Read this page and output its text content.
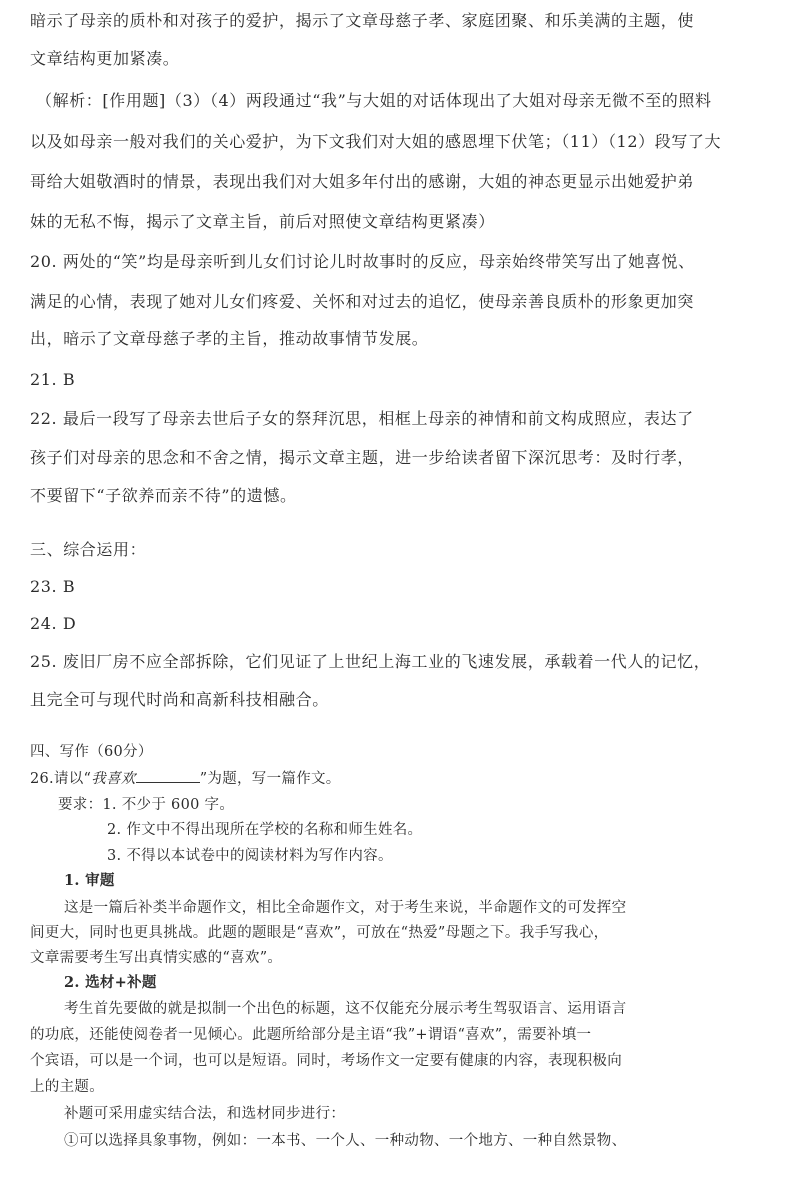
暗示了母亲的质朴和对孩子的爱护，揭示了文章母慈子孝、家庭团聚、和乐美满的主题，使
文章结构更加紧凑。
（解析：[作用题]（3）（4）两段通过“我”与大姐的对话体现出了大姐对母亲无微不至的照料
以及如母亲一般对我们的关心爱护，为下文我们对大姐的感恩埋下伏笔；（11）（12）段写了大
哥给大姐敬酒时的情景，表现出我们对大姐多年付出的感谢，大姐的神态更显示出她爱护弟
妹的无私不悔，揭示了文章主旨，前后对照使文章结构更紧凑）
20. 两处的“笑”均是母亲听到儿女们讨论儿时故事时的反应，母亲始终带笑写出了她喜悦、
满足的心情，表现了她对儿女们疼爱、关怀和对过去的追忆，使母亲善良质朴的形象更加突
出，暗示了文章母慈子孝的主旨，推动故事情节发展。
21. B
22. 最后一段写了母亲去世后子女的祭拜沉思，相框上母亲的神情和前文构成照应，表达了
孩子们对母亲的思念和不舍之情，揭示文章主题，进一步给读者留下深沉思考：及时行孝，
不要留下“子欲养而亲不待”的遗憾。
三、综合运用：
23. B
24. D
25. 废旧厂房不应全部拆除，它们见证了上世纪上海工业的飞速发展，承载着一代人的记忆，
且完全可与现代时尚和高新科技相融合。
四、写作（60分）
26.请以“我喜欢	”为题，写一篇作文。
要求：1. 不少于 600 字。
2. 作文中不得出现所在学校的名称和师生姓名。
3. 不得以本试卷中的阅读材料为写作内容。
1. 审题
这是一篇后补类半命题作文，相比全命题作文，对于考生来说，半命题作文的可发挥空
间更大，同时也更具挑战。此题的题眼是“喜欢”，可放在“热爱”母题之下。我手写我心，
文章需要考生写出真情实感的“喜欢”。
2. 选材+补题
考生首先要做的就是拟制一个出色的标题，这不仅能充分展示考生驾驭语言、运用语言
的功底，还能使阅卷者一见倾心。此题所给部分是主语“我”+谓语“喜欢”，需要补填一
个宾语，可以是一个词，也可以是短语。同时，考场作文一定要有健康的内容，表现积极向
上的主题。
补题可采用虚实结合法，和选材同步进行：
①可以选择具象事物，例如：一本书、一个人、一种动物、一个地方、一种自然景物、
